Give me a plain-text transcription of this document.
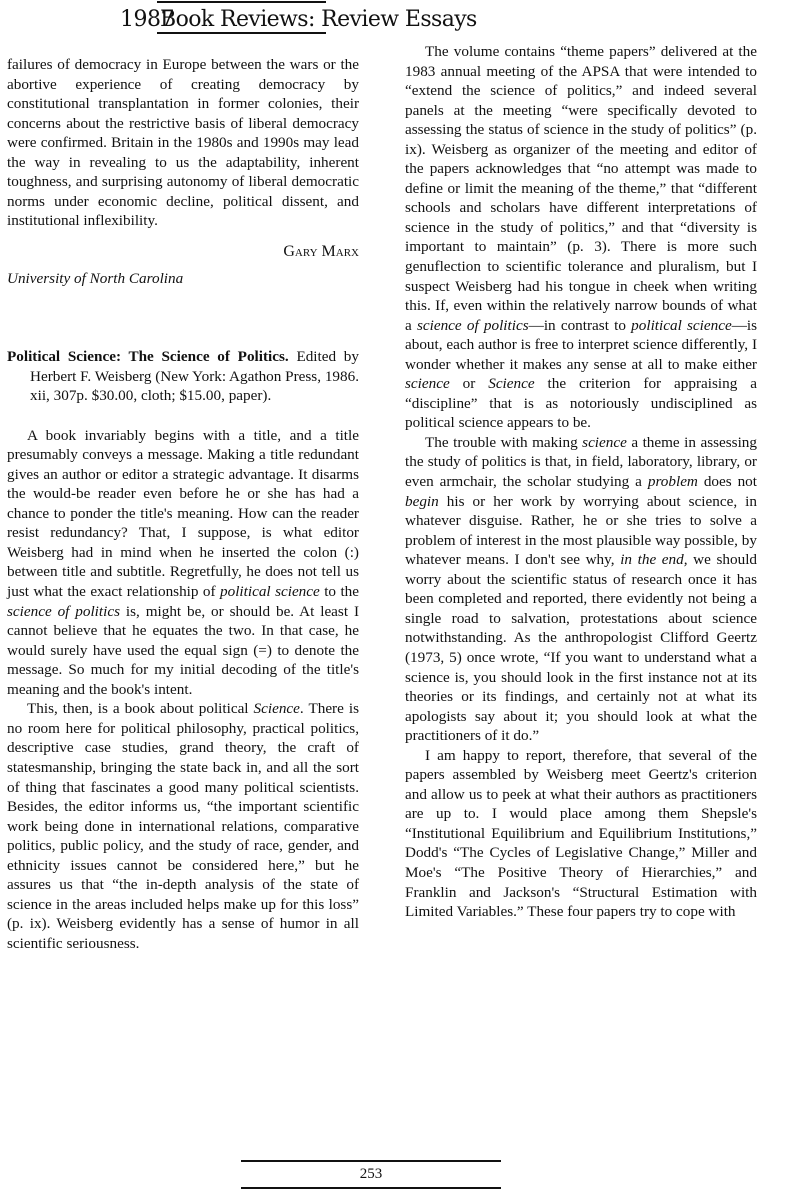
1987
Book Reviews: Review Essays

failures of democracy in Europe between the wars or the abortive experience of creating democracy by constitutional transplantation in former colonies, their concerns about the restrictive basis of liberal democracy were confirmed. Britain in the 1980s and 1990s may lead the way in revealing to us the adaptability, inherent toughness, and surprising autonomy of liberal democratic norms under economic decline, political dissent, and institutional inflexibility.

Gary Marx

University of North Carolina

Political Science: The Science of Politics. Edited by Herbert F. Weisberg (New York: Agathon Press, 1986. xii, 307p. $30.00, cloth; $15.00, paper).

A book invariably begins with a title, and a title presumably conveys a message. Making a title redundant gives an author or editor a strategic advantage. It disarms the would-be reader even before he or she has had a chance to ponder the title's meaning. How can the reader resist redundancy? That, I suppose, is what editor Weisberg had in mind when he inserted the colon (:) between title and subtitle. Regretfully, he does not tell us just what the exact relationship of political science to the science of politics is, might be, or should be. At least I cannot believe that he equates the two. In that case, he would surely have used the equal sign (=) to denote the message. So much for my initial decoding of the title's meaning and the book's intent.

This, then, is a book about political Science. There is no room here for political philosophy, practical politics, descriptive case studies, grand theory, the craft of statesmanship, bringing the state back in, and all the sort of thing that fascinates a good many political scientists. Besides, the editor informs us, “the important scientific work being done in international relations, comparative politics, public policy, and the study of race, gender, and ethnicity issues cannot be considered here,” but he assures us that “the in-depth analysis of the state of science in the areas included helps make up for this loss” (p. ix). Weisberg evidently has a sense of humor in all scientific seriousness.

The volume contains “theme papers” delivered at the 1983 annual meeting of the APSA that were intended to “extend the science of politics,” and indeed several panels at the meeting “were specifically devoted to assessing the status of science in the study of politics” (p. ix). Weisberg as organizer of the meeting and editor of the papers acknowledges that “no attempt was made to define or limit the meaning of the theme,” that “different schools and scholars have different interpretations of science in the study of politics,” and that “diversity is important to maintain” (p. 3). There is more such genuflection to scientific tolerance and pluralism, but I suspect Weisberg had his tongue in cheek when writing this. If, even within the relatively narrow bounds of what a science of politics—in contrast to political science—is about, each author is free to interpret science differently, I wonder whether it makes any sense at all to make either science or Science the criterion for appraising a “discipline” that is as notoriously undisciplined as political science appears to be.

The trouble with making science a theme in assessing the study of politics is that, in field, laboratory, library, or even armchair, the scholar studying a problem does not begin his or her work by worrying about science, in whatever disguise. Rather, he or she tries to solve a problem of interest in the most plausible way possible, by whatever means. I don't see why, in the end, we should worry about the scientific status of research once it has been completed and reported, there evidently not being a single road to salvation, protestations about science notwithstanding. As the anthropologist Clifford Geertz (1973, 5) once wrote, “If you want to understand what a science is, you should look in the first instance not at its theories or its findings, and certainly not at what its apologists say about it; you should look at what the practitioners of it do.”

I am happy to report, therefore, that several of the papers assembled by Weisberg meet Geertz's criterion and allow us to peek at what their authors as practitioners are up to. I would place among them Shepsle's “Institutional Equilibrium and Equilibrium Institutions,” Dodd's “The Cycles of Legislative Change,” Miller and Moe's “The Positive Theory of Hierarchies,” and Franklin and Jackson's “Structural Estimation with Limited Variables.” These four papers try to cope with

253
